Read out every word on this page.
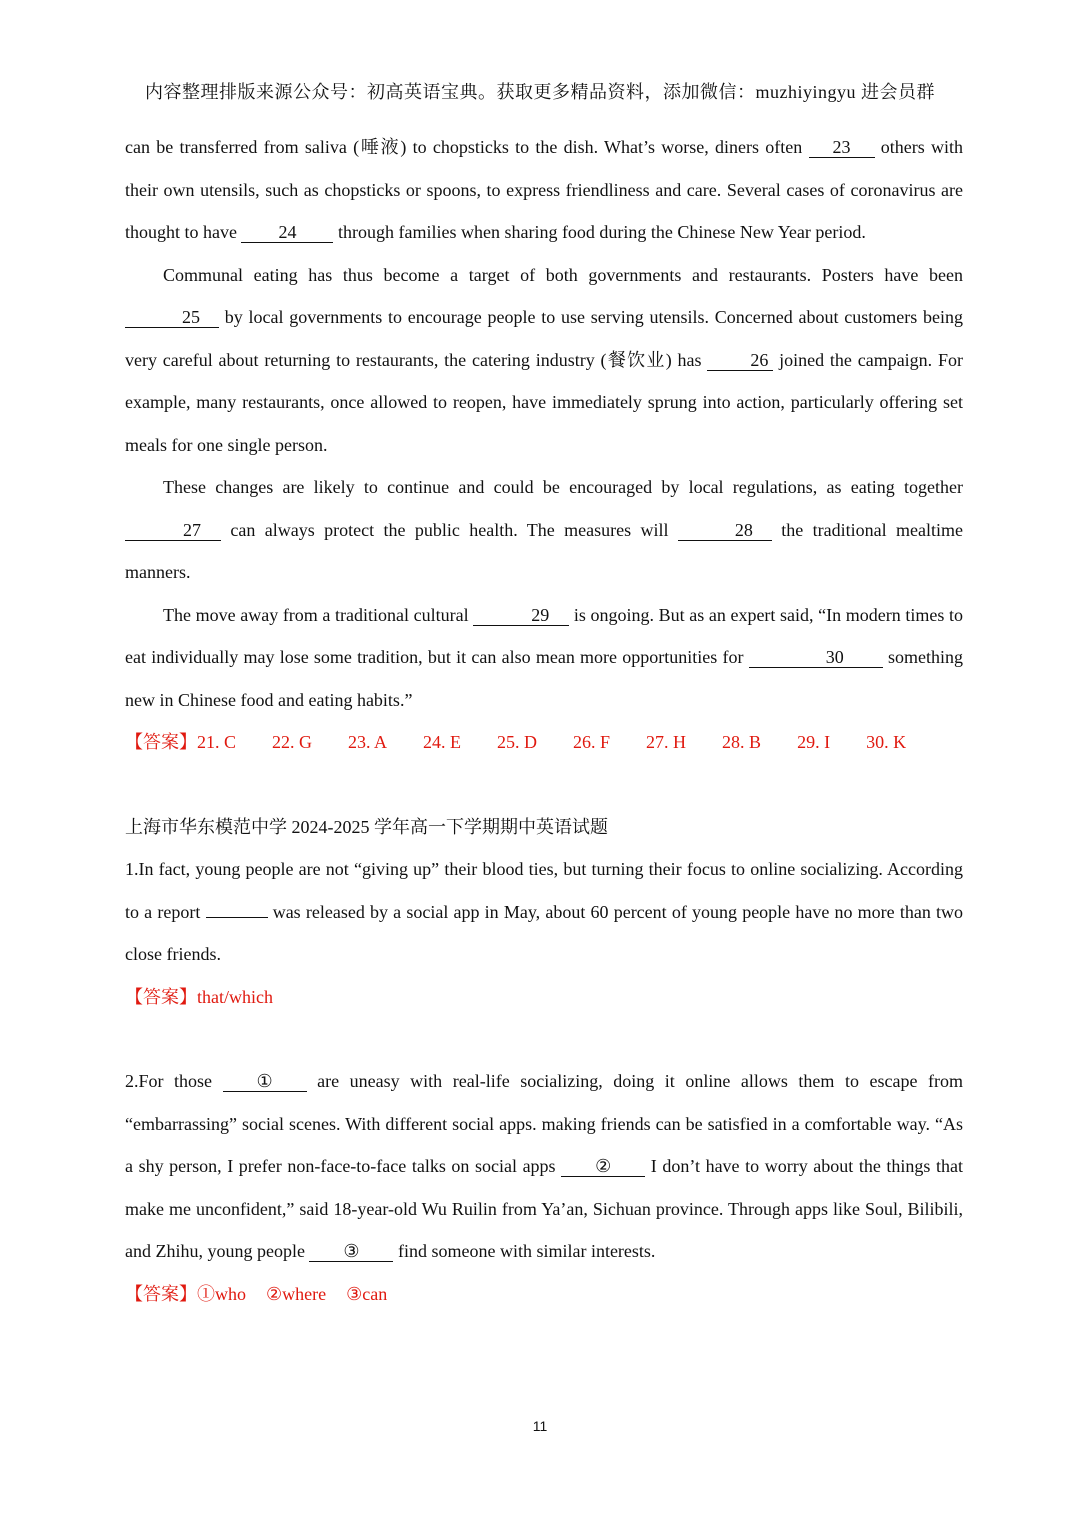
内容整理排版来源公众号：初高英语宝典。获取更多精品资料，添加微信：muzhiyingyu 进会员群

can be transferred from saliva (唾液) to chopsticks to the dish. What’s worse, diners often 23 others with their own utensils, such as chopsticks or spoons, to express friendliness and care. Several cases of coronavirus are thought to have 24 through families when sharing food during the Chinese New Year period.

Communal eating has thus become a target of both governments and restaurants. Posters have been 25 by local governments to encourage people to use serving utensils. Concerned about customers being very careful about returning to restaurants, the catering industry (餐饮业) has 26 joined the campaign. For example, many restaurants, once allowed to reopen, have immediately sprung into action, particularly offering set meals for one single person.

These changes are likely to continue and could be encouraged by local regulations, as eating together 27 can always protect the public health. The measures will	28 the traditional mealtime manners.

The move away from a traditional cultural	29 is ongoing. But as an expert said, “In modern times to eat individually may lose some tradition, but it can also mean more opportunities for	30 something new in Chinese food and eating habits.”

【答案】21. C 22. G 23. A 24. E 25. D 26. F 27. H 28. B 29. I 30. K

上海市华东模范中学 2024-2025 学年高一下学期期中英语试题

1.In fact, young people are not “giving up” their blood ties, but turning their focus to online socializing. According to a report	was released by a social app in May, about 60 percent of young people have no more than two close friends.

【答案】that/which

2.For those ① are uneasy with real-life socializing, doing it online allows them to escape from “embarrassing” social scenes. With different social apps. making friends can be satisfied in a comfortable way. “As a shy person, I prefer non-face-to-face talks on social apps ② I don’t have to worry about the things that make me unconfident,” said 18-year-old Wu Ruilin from Ya’an, Sichuan province. Through apps like Soul, Bilibili, and Zhihu, young people ③ find someone with similar interests.

【答案】①who ②where ③can

11
